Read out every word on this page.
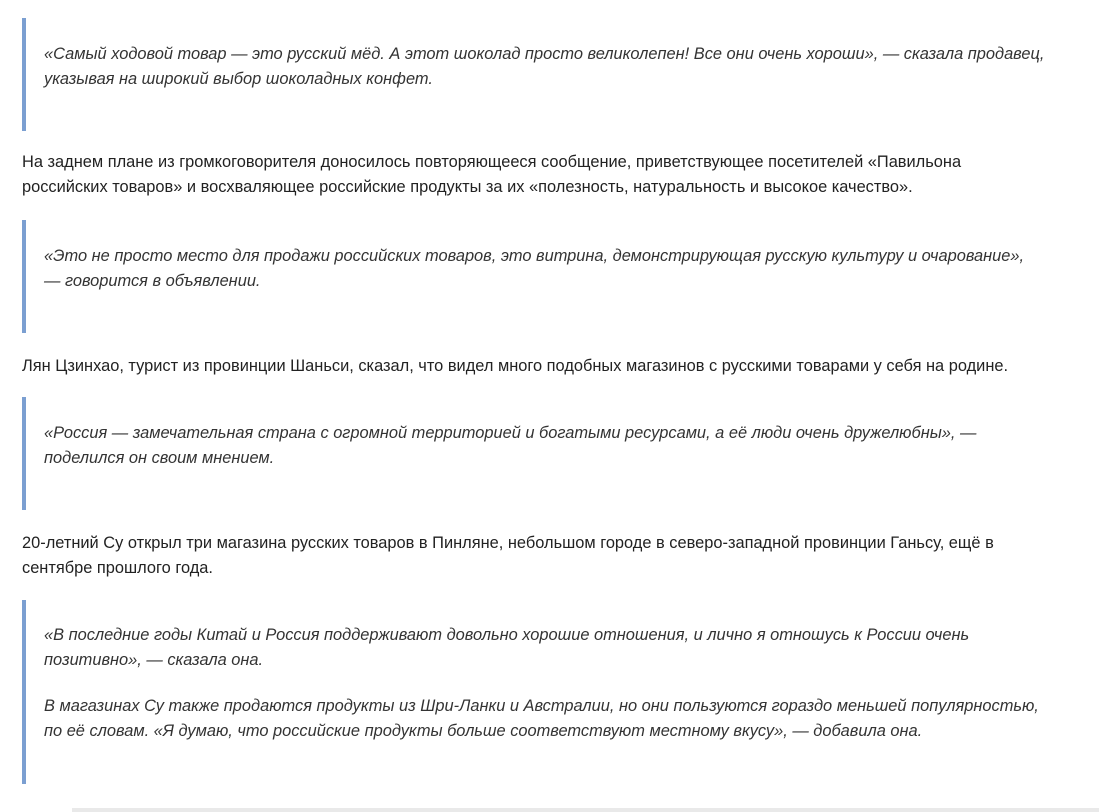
«Самый ходовой товар — это русский мёд. А этот шоколад просто великолепен! Все они очень хороши», — сказала продавец,
указывая на широкий выбор шоколадных конфет.

На заднем плане из громкоговорителя доносилось повторяющееся сообщение, приветствующее посетителей «Павильона
российских товаров» и восхваляющее российские продукты за их «полезность, натуральность и высокое качество».

«Это не просто место для продажи российских товаров, это витрина, демонстрирующая русскую культуру и очарование»,
— говорится в объявлении.

Лян Цзинхао, турист из провинции Шаньси, сказал, что видел много подобных магазинов с русскими товарами у себя на родине.

«Россия — замечательная страна с огромной территорией и богатыми ресурсами, а её люди очень дружелюбны», —
поделился он своим мнением.

20-летний Су открыл три магазина русских товаров в Пинляне, небольшом городе в северо-западной провинции Ганьсу, ещё в
сентябре прошлого года.

«В последние годы Китай и Россия поддерживают довольно хорошие отношения, и лично я отношусь к России очень
позитивно», — сказала она.

В магазинах Су также продаются продукты из Шри-Ланки и Австралии, но они пользуются гораздо меньшей популярностью,
по её словам. «Я думаю, что российские продукты больше соответствуют местному вкусу», — добавила она.
